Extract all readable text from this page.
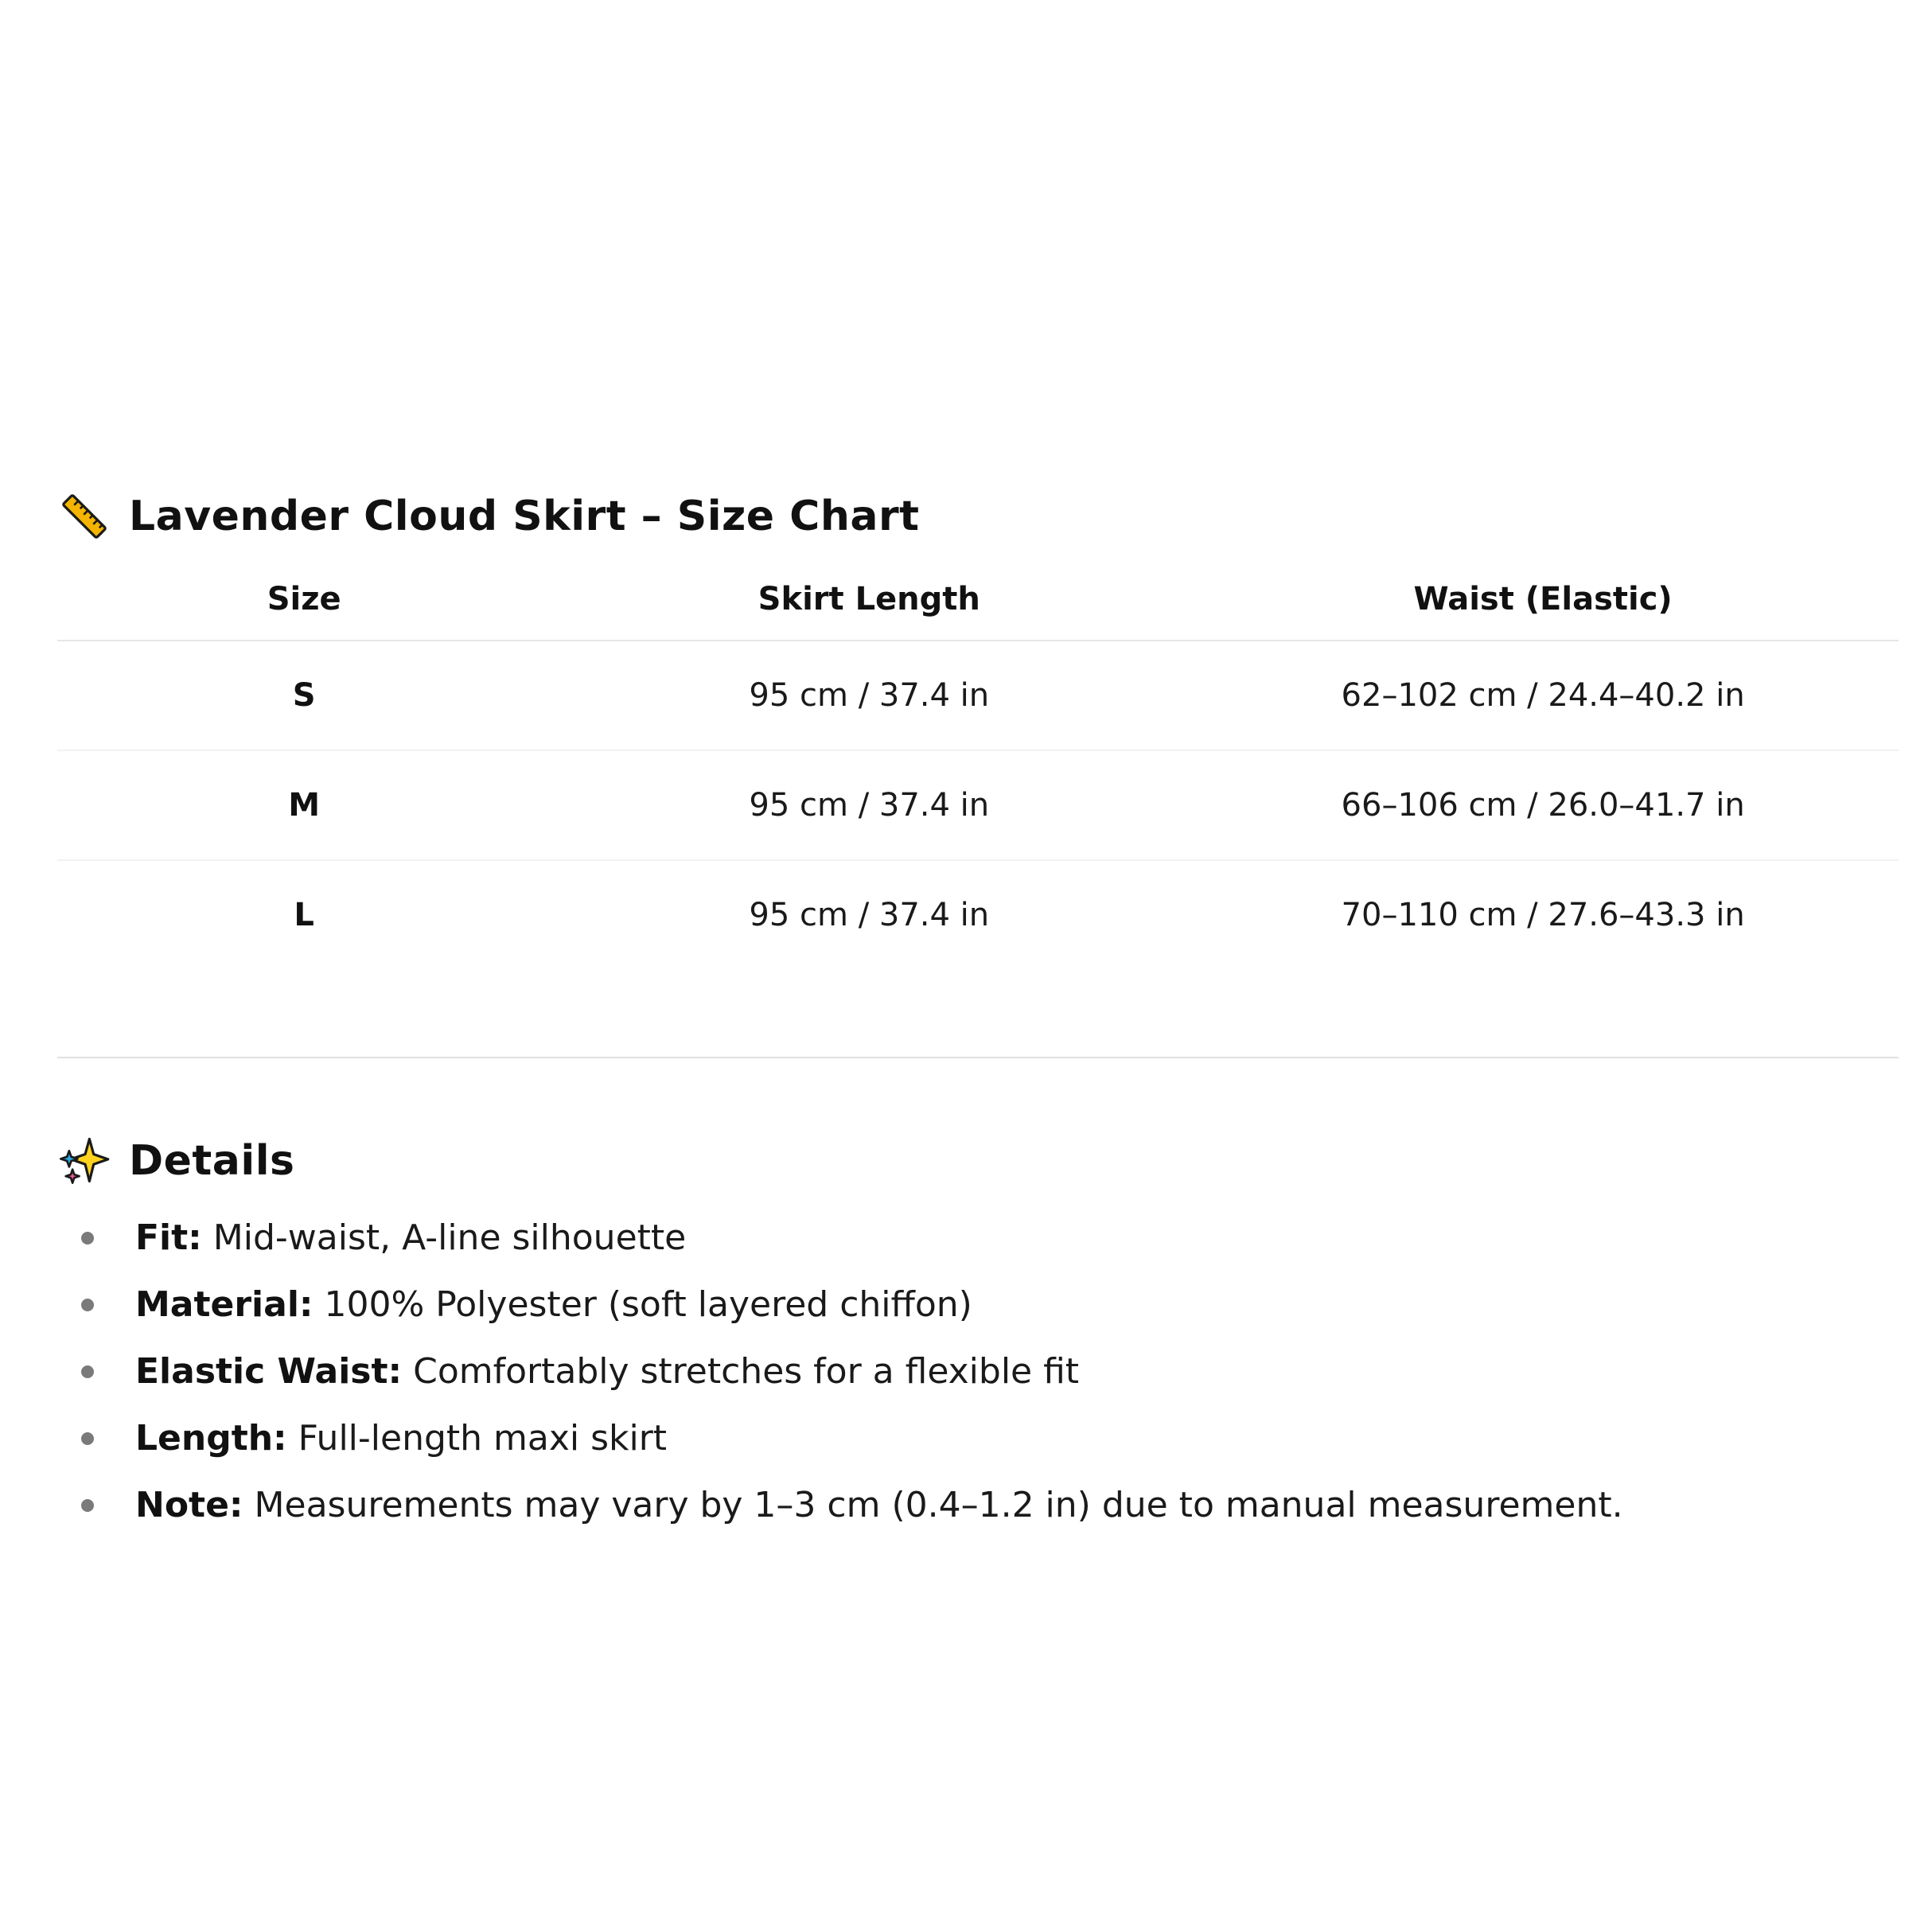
Lavender Cloud Skirt – Size Chart
Size	Skirt Length	Waist (Elastic)
S	95 cm / 37.4 in	62–102 cm / 24.4–40.2 in
M	95 cm / 37.4 in	66–106 cm / 26.0–41.7 in
L	95 cm / 37.4 in	70–110 cm / 27.6–43.3 in
Details
Fit: Mid-waist, A-line silhouette
Material: 100% Polyester (soft layered chiffon)
Elastic Waist: Comfortably stretches for a flexible fit
Length: Full-length maxi skirt
Note: Measurements may vary by 1–3 cm (0.4–1.2 in) due to manual measurement.
